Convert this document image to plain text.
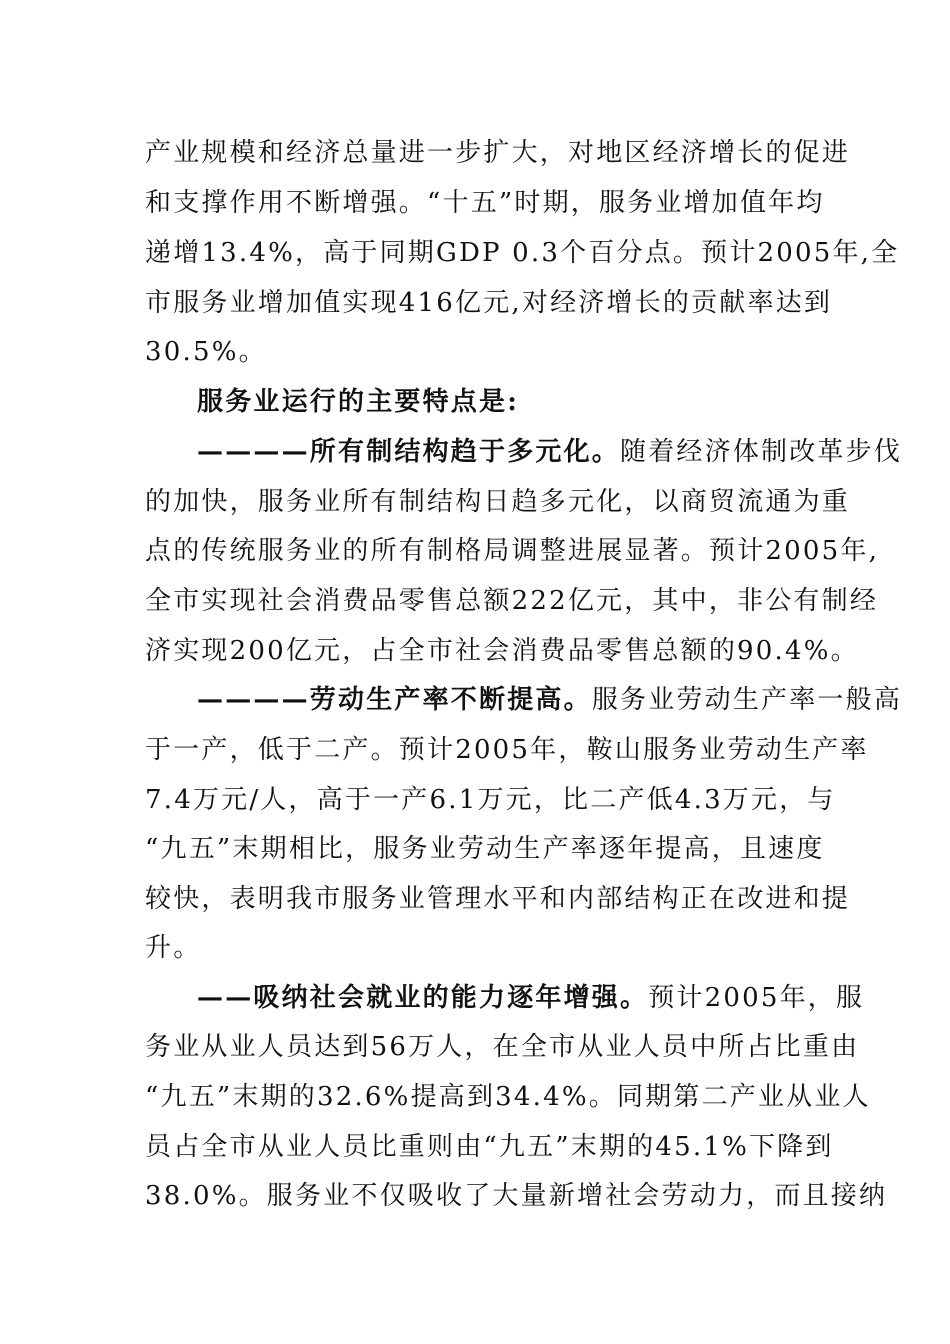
产业规模和经济总量进一步扩大，对地区经济增长的促进
和支撑作用不断增强。“十五”时期，服务业增加值年均
递增13.4%，高于同期GDP 0.3个百分点。预计2005年,全
市服务业增加值实现416亿元,对经济增长的贡献率达到
30.5%。
服务业运行的主要特点是:
————所有制结构趋于多元化。随着经济体制改革步伐
的加快，服务业所有制结构日趋多元化，以商贸流通为重
点的传统服务业的所有制格局调整进展显著。预计2005年,
全市实现社会消费品零售总额222亿元，其中，非公有制经
济实现200亿元，占全市社会消费品零售总额的90.4%。
————劳动生产率不断提高。服务业劳动生产率一般高
于一产，低于二产。预计2005年，鞍山服务业劳动生产率
7.4万元/人，高于一产6.1万元，比二产低4.3万元，与
“九五”末期相比，服务业劳动生产率逐年提高，且速度
较快，表明我市服务业管理水平和内部结构正在改进和提
升。
——吸纳社会就业的能力逐年增强。预计2005年，服
务业从业人员达到56万人，在全市从业人员中所占比重由
“九五”末期的32.6%提高到34.4%。同期第二产业从业人
员占全市从业人员比重则由“九五”末期的45.1%下降到
38.0%。服务业不仅吸收了大量新增社会劳动力，而且接纳
